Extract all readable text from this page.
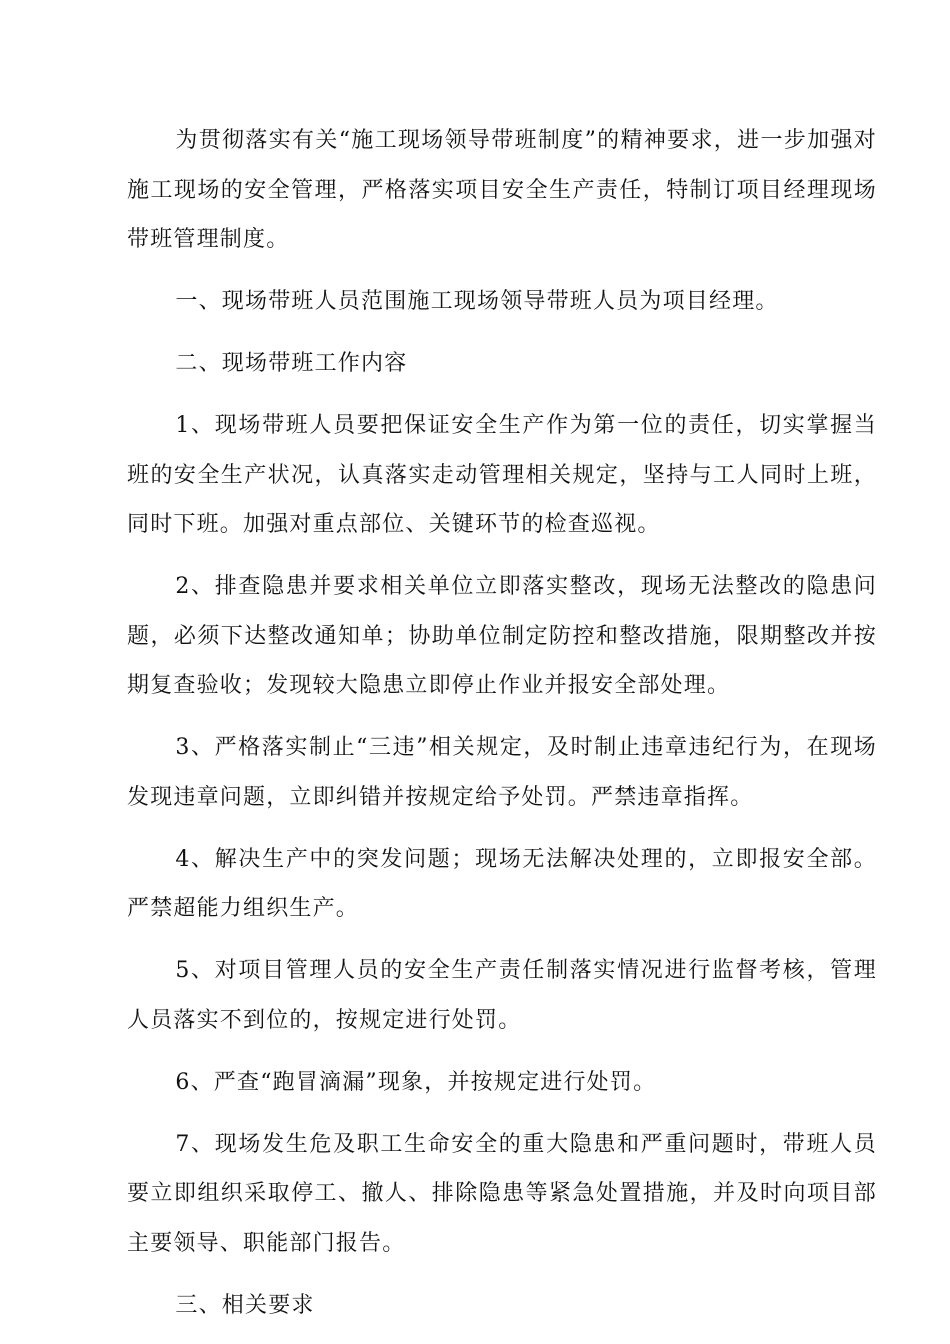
为贯彻落实有关“施工现场领导带班制度”的精神要求，进一步加强对施工现场的安全管理，严格落实项目安全生产责任，特制订项目经理现场带班管理制度。

一、现场带班人员范围施工现场领导带班人员为项目经理。

二、现场带班工作内容

1、现场带班人员要把保证安全生产作为第一位的责任，切实掌握当班的安全生产状况，认真落实走动管理相关规定，坚持与工人同时上班，同时下班。加强对重点部位、关键环节的检查巡视。

2、排查隐患并要求相关单位立即落实整改，现场无法整改的隐患问题，必须下达整改通知单；协助单位制定防控和整改措施，限期整改并按期复查验收；发现较大隐患立即停止作业并报安全部处理。

3、严格落实制止“三违”相关规定，及时制止违章违纪行为，在现场发现违章问题，立即纠错并按规定给予处罚。严禁违章指挥。

4、解决生产中的突发问题；现场无法解决处理的，立即报安全部。严禁超能力组织生产。

5、对项目管理人员的安全生产责任制落实情况进行监督考核，管理人员落实不到位的，按规定进行处罚。

6、严查“跑冒滴漏”现象，并按规定进行处罚。

7、现场发生危及职工生命安全的重大隐患和严重问题时，带班人员要立即组织采取停工、撤人、排除隐患等紧急处置措施，并及时向项目部主要领导、职能部门报告。

三、相关要求
